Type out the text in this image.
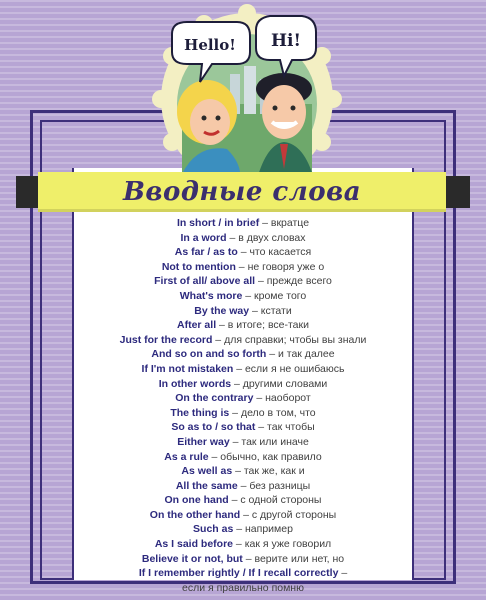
Hello! Hi!
Вводные слова
In short / in brief – вкратце
In a word – в двух словах
As far / as to – что касается
Not to mention – не говоря уже о
First of all/ above all – прежде всего
What's more – кроме того
By the way – кстати
After all – в итоге; все-таки
Just for the record – для справки; чтобы вы знали
And so on and so forth – и так далее
If I'm not mistaken – если я не ошибаюсь
In other words – другими словами
On the contrary – наоборот
The thing is – дело в том, что
So as to / so that – так чтобы
Either way – так или иначе
As a rule – обычно, как правило
As well as – так же, как и
All the same – без разницы
On one hand – с одной стороны
On the other hand – с другой стороны
Such as – например
As I said before – как я уже говорил
Believe it or not, but – верите или нет, но
If I remember rightly / If I recall correctly –
если я правильно помню
